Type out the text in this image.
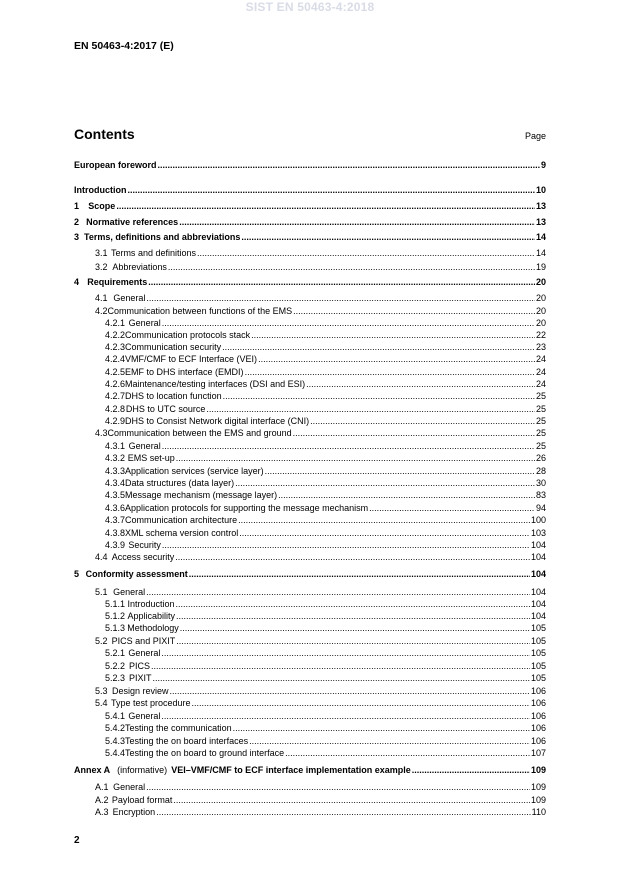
SIST EN 50463-4:2018
EN 50463-4:2017 (E)
Contents	Page
European foreword .....	9
Introduction .....	10
1	Scope .....	13
2 Normative references .....	13
3 Terms, definitions and abbreviations .....	14
3.1 Terms and definitions .....	14
3.2 Abbreviations .....	19
4 Requirements .....	20
4.1 General .....	20
4.2 Communication between functions of the EMS .....	20
4.2.1 General .....	20
4.2.2 Communication protocols stack .....	22
4.2.3 Communication security .....	23
4.2.4 VMF/CMF to ECF Interface (VEI) .....	24
4.2.5 EMF to DHS interface (EMDI) .....	24
4.2.6 Maintenance/testing interfaces (DSI and ESI) .....	24
4.2.7 DHS to location function .....	25
4.2.8 DHS to UTC source .....	25
4.2.9 DHS to Consist Network digital interface (CNI) .....	25
4.3 Communication between the EMS and ground .....	25
4.3.1 General .....	25
4.3.2 EMS set-up .....	26
4.3.3 Application services (service layer) .....	28
4.3.4 Data structures (data layer) .....	30
4.3.5 Message mechanism (message layer) .....	83
4.3.6 Application protocols for supporting the message mechanism .....	94
4.3.7 Communication architecture .....	100
4.3.8 XML schema version control .....	103
4.3.9 Security .....	104
4.4 Access security .....	104
5 Conformity assessment .....	104
5.1 General .....	104
5.1.1 Introduction .....	104
5.1.2 Applicability .....	104
5.1.3 Methodology .....	105
5.2 PICS and PIXIT .....	105
5.2.1 General .....	105
5.2.2 PICS .....	105
5.2.3 PIXIT .....	105
5.3 Design review .....	106
5.4 Type test procedure .....	106
5.4.1 General .....	106
5.4.2 Testing the communication .....	106
5.4.3 Testing the on board interfaces .....	106
5.4.4 Testing the on board to ground interface .....	107
Annex A (informative) VEI–VMF/CMF to ECF interface implementation example .....	109
A.1 General .....	109
A.2 Payload format .....	109
A.3 Encryption .....	110
2
